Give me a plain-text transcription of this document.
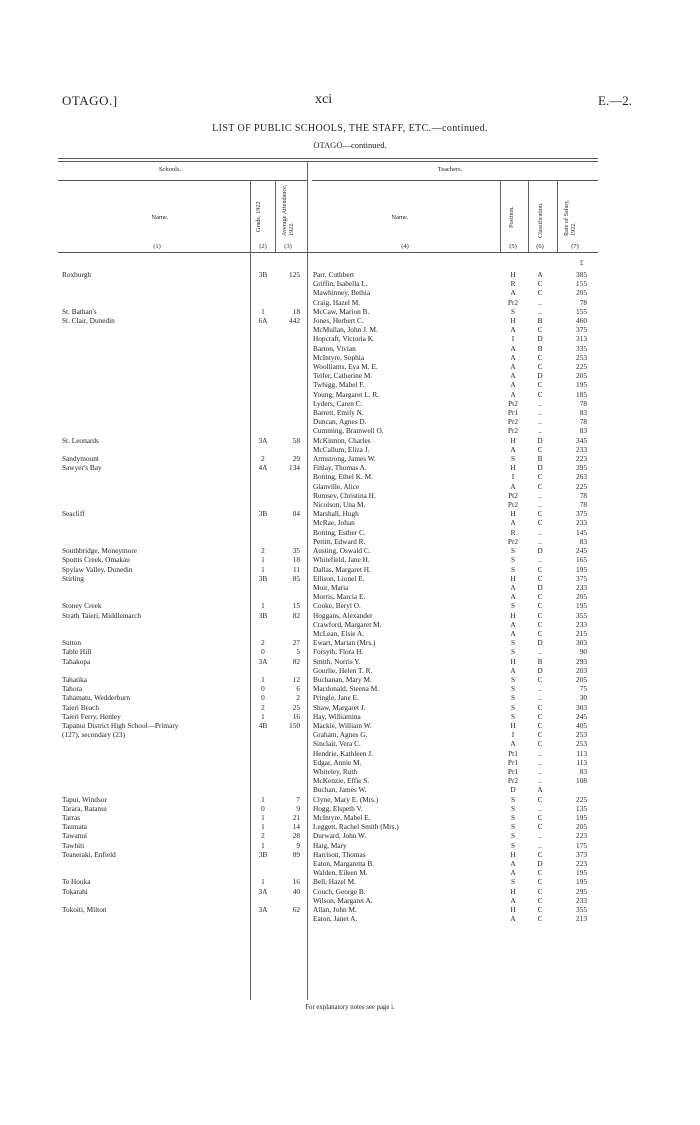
OTAGO.]	xci	E.—2.
LIST OF PUBLIC SCHOOLS, THE STAFF, ETC.—continued.
OTAGO—continued.
Schools.	Teachers.
Name.	Name.
Grade, 1922	Average Attendance, 1922.
Position.	Classification.	Rate of Salary, 1922.
(1)	(2)	(3)	(4)	(5)	(6)	(7)
£
Roxburgh	3B	125 Parr, Cuthbert	H	A	385
Griffin, Isabella L.	R	C	155
Mawhinney, Bethia	A	C	205
Craig, Hazel M.	Pr2	..	78
St. Bathan's	1	18 McCaw, Marion B.	S	..	155
St. Clair, Dunedin	6A	442 Jones, Herbert C.	H	B	460
McMullan, John J. M.	A	C	375
Hopcraft, Victoria K.	I	D	313
Barton, Vivian	A	B	335
McIntyre, Sophia	A	C	253
Woolliams, Eva M. E.	A	C	225
Telfer, Catherine M.	A	D	205
Twhigg, Mabel F.	A	C	195
Young, Margaret L. R.	A	C	185
Lyders, Caren C.	Pt2	..	78
Barrett, Emily N.	Pr1	..	83
Duncan, Agnes D.	Pr2	..	78
Cumming, Bramwell O.	Pr2	..	83
St. Leonards	3A	58 McKinnon, Charles	H	D	345
McCallum, Eliza J.	A	C	233
Sandymount	2	29 Armstrong, James W.	S	B	223
Sawyer's Bay	4A	134 Finlay, Thomas A.	H	D	395
Botting, Ethel K. M.	I	C	263
Glanville, Alice	A	C	225
Rumsey, Christina H.	Pt2	..	78
Nicolson, Una M.	Pr2	..	78
Seacliff	3B	84 Marshall, Hugh	H	C	375
McRae, Johan	A	C	233
Botting, Esther C.	R	..	145
Pettitt, Edward R.	Pr2	..	83
Southbridge, Moneymore	2	35 Austing, Oswald C.	S	D	245
Spottis Creek, Omakau	1	18 Whitefield, Jane H.	S	..	165
Spylaw Valley, Dunedin	1	11 Dallas, Margaret H.	S	C	195
Stirling	3B	85 Ellison, Lionel E.	H	C	375
Moir, Maria	A	D	233
Morris, Marcia E.	A	C	205
Stoney Creek	1	15 Cooke, Beryl O.	S	C	195
Strath Taieri, Middlemarch	3B	82 Hoggans, Alexander	H	C	355
Crawford, Margaret M.	A	C	233
McLean, Elsie A.	A	C	215
Sutton	2	27 Ewart, Marian (Mrs.)	S	D	303
Table Hill	0	5 Forsyth, Flora H.	S	..	90
Tahakopa	3A	82 Smith, Norris Y.	H	B	293
Gourlie, Helen T. R.	A	D	203
Tahatika	1	12 Buchanan, Mary M.	S	C	205
Tahora	0	6 Macdonald, Steena M.	S	..	75
Tahamatu, Wedderburn	0	2 Pringle, Jane E.	S	..	30
Taieri Beach	2	25 Shaw, Margaret J.	S	C	303
Taieri Ferry, Henley	1	16 Hay, Williamina	S	C	245
Tapanui District High School—Primary	4B	150 Mackie, William W.	H	C	405
(127), secondary (23)	Graham, Agnes G.	I	C	253
Sinclair, Vera C.	A	C	253
Hendrie, Kathleen J.	Pt1	..	113
Edgar, Annie M.	Pr1	..	113
Whiteley, Ruth	Pr1	..	83
McKenzie, Effie S.	Pr2	..	108
Buchan, James W.	D	A
Tapui, Windsor	1	7 Clyne, Mary E. (Mrs.)	S	C	225
Tarara, Ratanui	0	9 Hogg, Elspeth V.	S	..	135
Tarras	1	21 McIntyre, Mabel E.	S	C	195
Taumata	1	14 Leggett, Rachel Smith (Mrs.)	S	C	205
Tawanui	2	28 Durward, John W.	S	..	223
Tawhiti	1	9 Haig, Mary	S	..	175
Teaneraki, Enfield	3B	89 Harrison, Thomas	H	C	373
Eaton, Margaretta B.	A	D	223
Walden, Eileen M.	A	C	195
Te Houka	1	16 Bell, Hazel M.	S	C	195
Tokarahi	3A	40 Couch, George B.	H	C	295
Wilson, Margaret A.	A	C	233
Tokoiti, Milton	3A	62 Allan, John M.	H	C	355
Eaton, Janet A.	A	C	213
For explanatory notes see page i.
